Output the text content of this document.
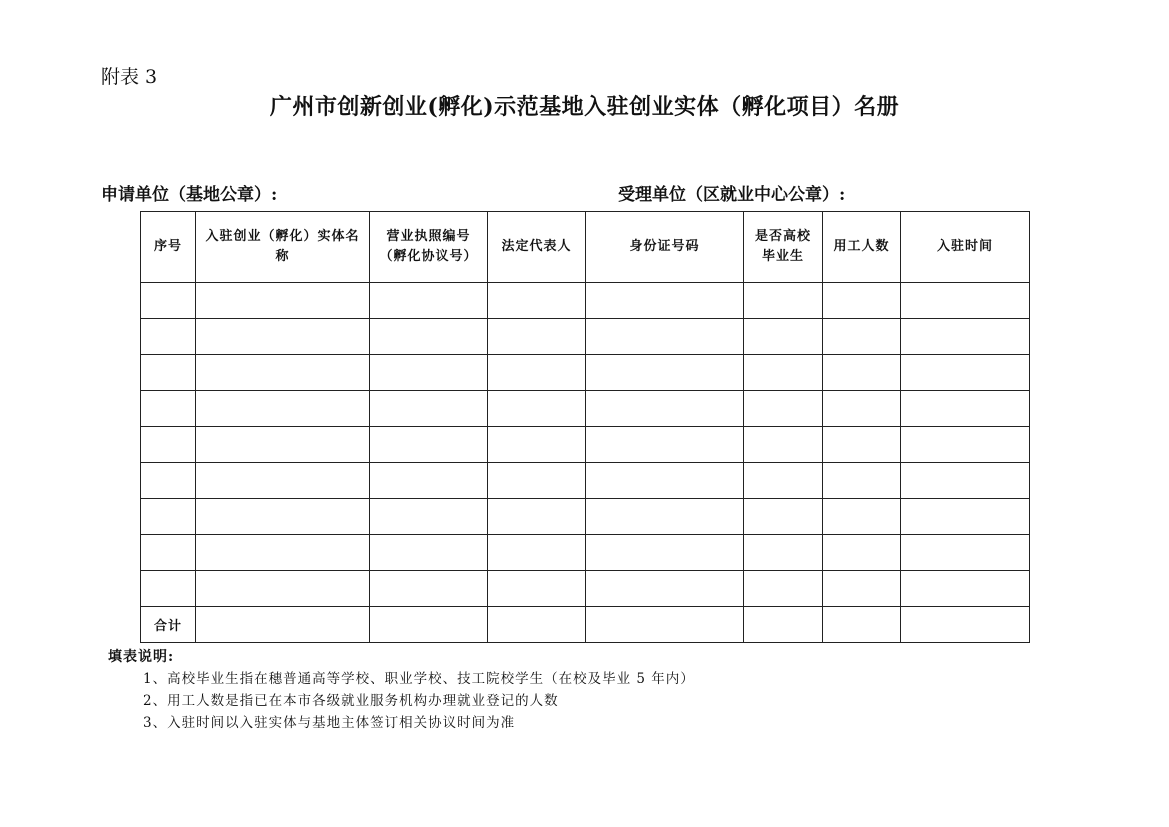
附表 3
广州市创新创业(孵化)示范基地入驻创业实体（孵化项目）名册
申请单位（基地公章）:	受理单位（区就业中心公章）:
序号	入驻创业（孵化）实体名称	营业执照编号（孵化协议号）	法定代表人	身份证号码	是否高校毕业生	用工人数	入驻时间

合计							
填表说明:
1、高校毕业生指在穗普通高等学校、职业学校、技工院校学生（在校及毕业 5 年内）
2、用工人数是指已在本市各级就业服务机构办理就业登记的人数
3、入驻时间以入驻实体与基地主体签订相关协议时间为准
